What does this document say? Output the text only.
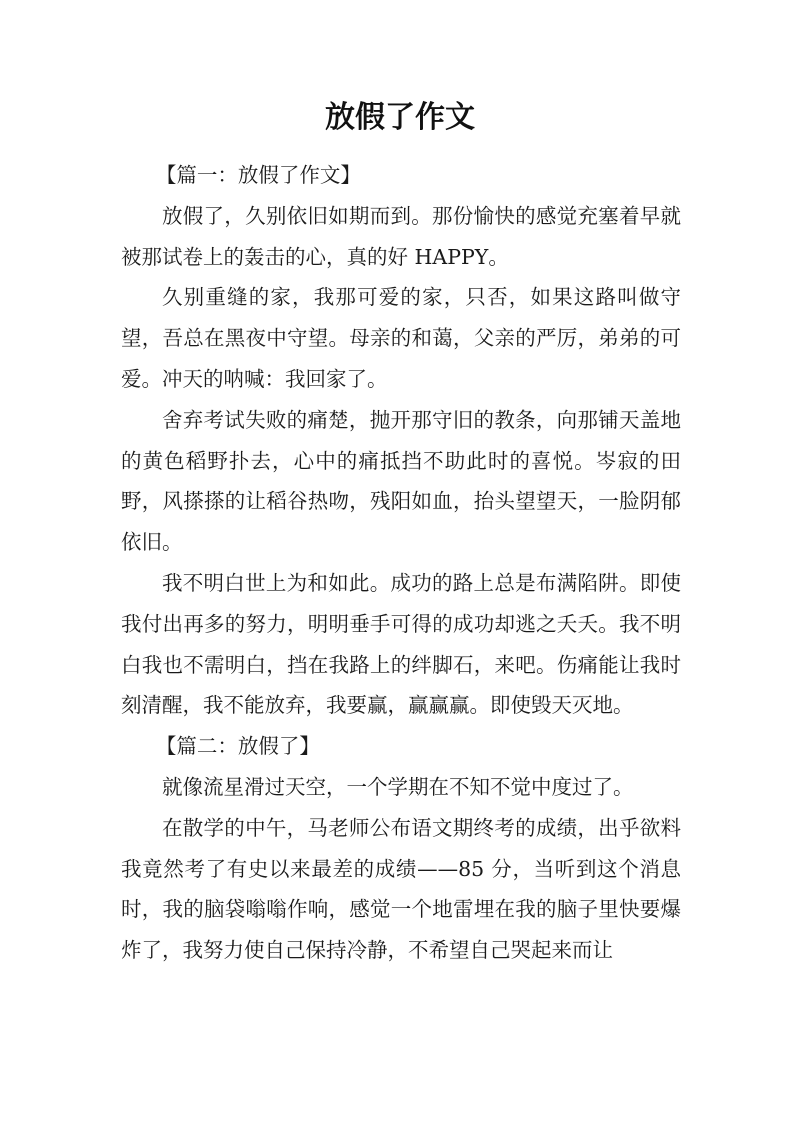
放假了作文

【篇一：放假了作文】

放假了，久别依旧如期而到。那份愉快的感觉充塞着早就被那试卷上的轰击的心，真的好 HAPPY。

久别重缝的家，我那可爱的家，只否，如果这路叫做守望，吾总在黑夜中守望。母亲的和蔼，父亲的严厉，弟弟的可爱。冲天的呐喊：我回家了。

舍弃考试失败的痛楚，抛开那守旧的教条，向那铺天盖地的黄色稻野扑去，心中的痛抵挡不助此时的喜悦。岑寂的田野，风搽搽的让稻谷热吻，残阳如血，抬头望望天，一脸阴郁依旧。

我不明白世上为和如此。成功的路上总是布满陷阱。即使我付出再多的努力，明明垂手可得的成功却逃之夭夭。我不明白我也不需明白，挡在我路上的绊脚石，来吧。伤痛能让我时刻清醒，我不能放弃，我要赢，赢赢赢。即使毁天灭地。

【篇二：放假了】

就像流星滑过天空，一个学期在不知不觉中度过了。

在散学的中午，马老师公布语文期终考的成绩，出乎欲料我竟然考了有史以来最差的成绩——85 分，当听到这个消息时，我的脑袋嗡嗡作响，感觉一个地雷埋在我的脑子里快要爆炸了，我努力使自己保持冷静，不希望自己哭起来而让
